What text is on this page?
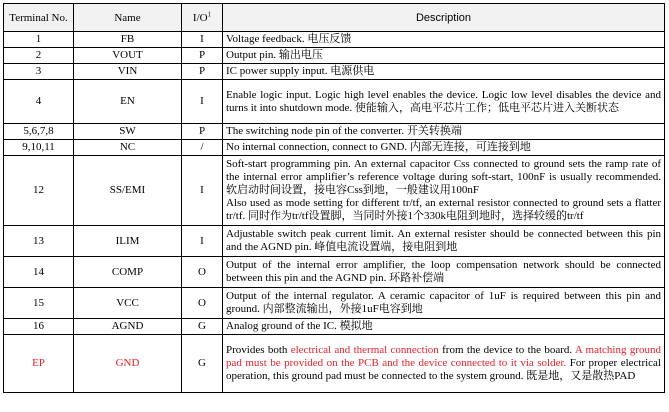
Terminal No.	Name	$I/O^1$	Description
1	FB	I	Voltage feedback. 电压反馈
2	VOUT	P	Output pin. 输出电压
3	VIN	P	IC power supply input. 电源供电
4	EN	I	Enable logic input. Logic high level enables the device. Logic low level disables the device and turns it into shutdown mode. 使能输入，高电平芯片工作；低电平芯片进入关断状态
5,6,7,8	SW	P	The switching node pin of the converter. 开关转换端
9,10,11	NC	/	No internal connection, connect to GND. 内部无连接，可连接到地
12	SS/EMI	I	Soft-start programming pin. An external capacitor Css connected to ground sets the ramp rate of the internal error amplifier’s reference voltage during soft-start, 100nF is usually recommended. 软启动时间设置，接电容Css到地，一般建议用100nF
Also used as mode setting for different tr/tf, an external resistor connected to ground sets a flatter tr/tf. 同时作为tr/tf设置脚，当同时外接1个330k电阻到地时，选择较缓的tr/tf

13	ILIM	I	Adjustable switch peak current limit. An external resister should be connected between this pin and the AGND pin. 峰值电流设置端，接电阻到地
14	COMP	O	Output of the internal error amplifier, the loop compensation network should be connected between this pin and the AGND pin. 环路补偿端
15	VCC	O	Output of the internal regulator. A ceramic capacitor of 1uF is required between this pin and ground. 内部整流输出，外接1uF电容到地
16	AGND	G	Analog ground of the IC. 模拟地
EP	GND	G	Provides both electrical and thermal connection from the device to the board. A matching ground pad must be provided on the PCB and the device connected to it via solder. For proper electrical operation, this ground pad must be connected to the system ground. 既是地，又是散热PAD
